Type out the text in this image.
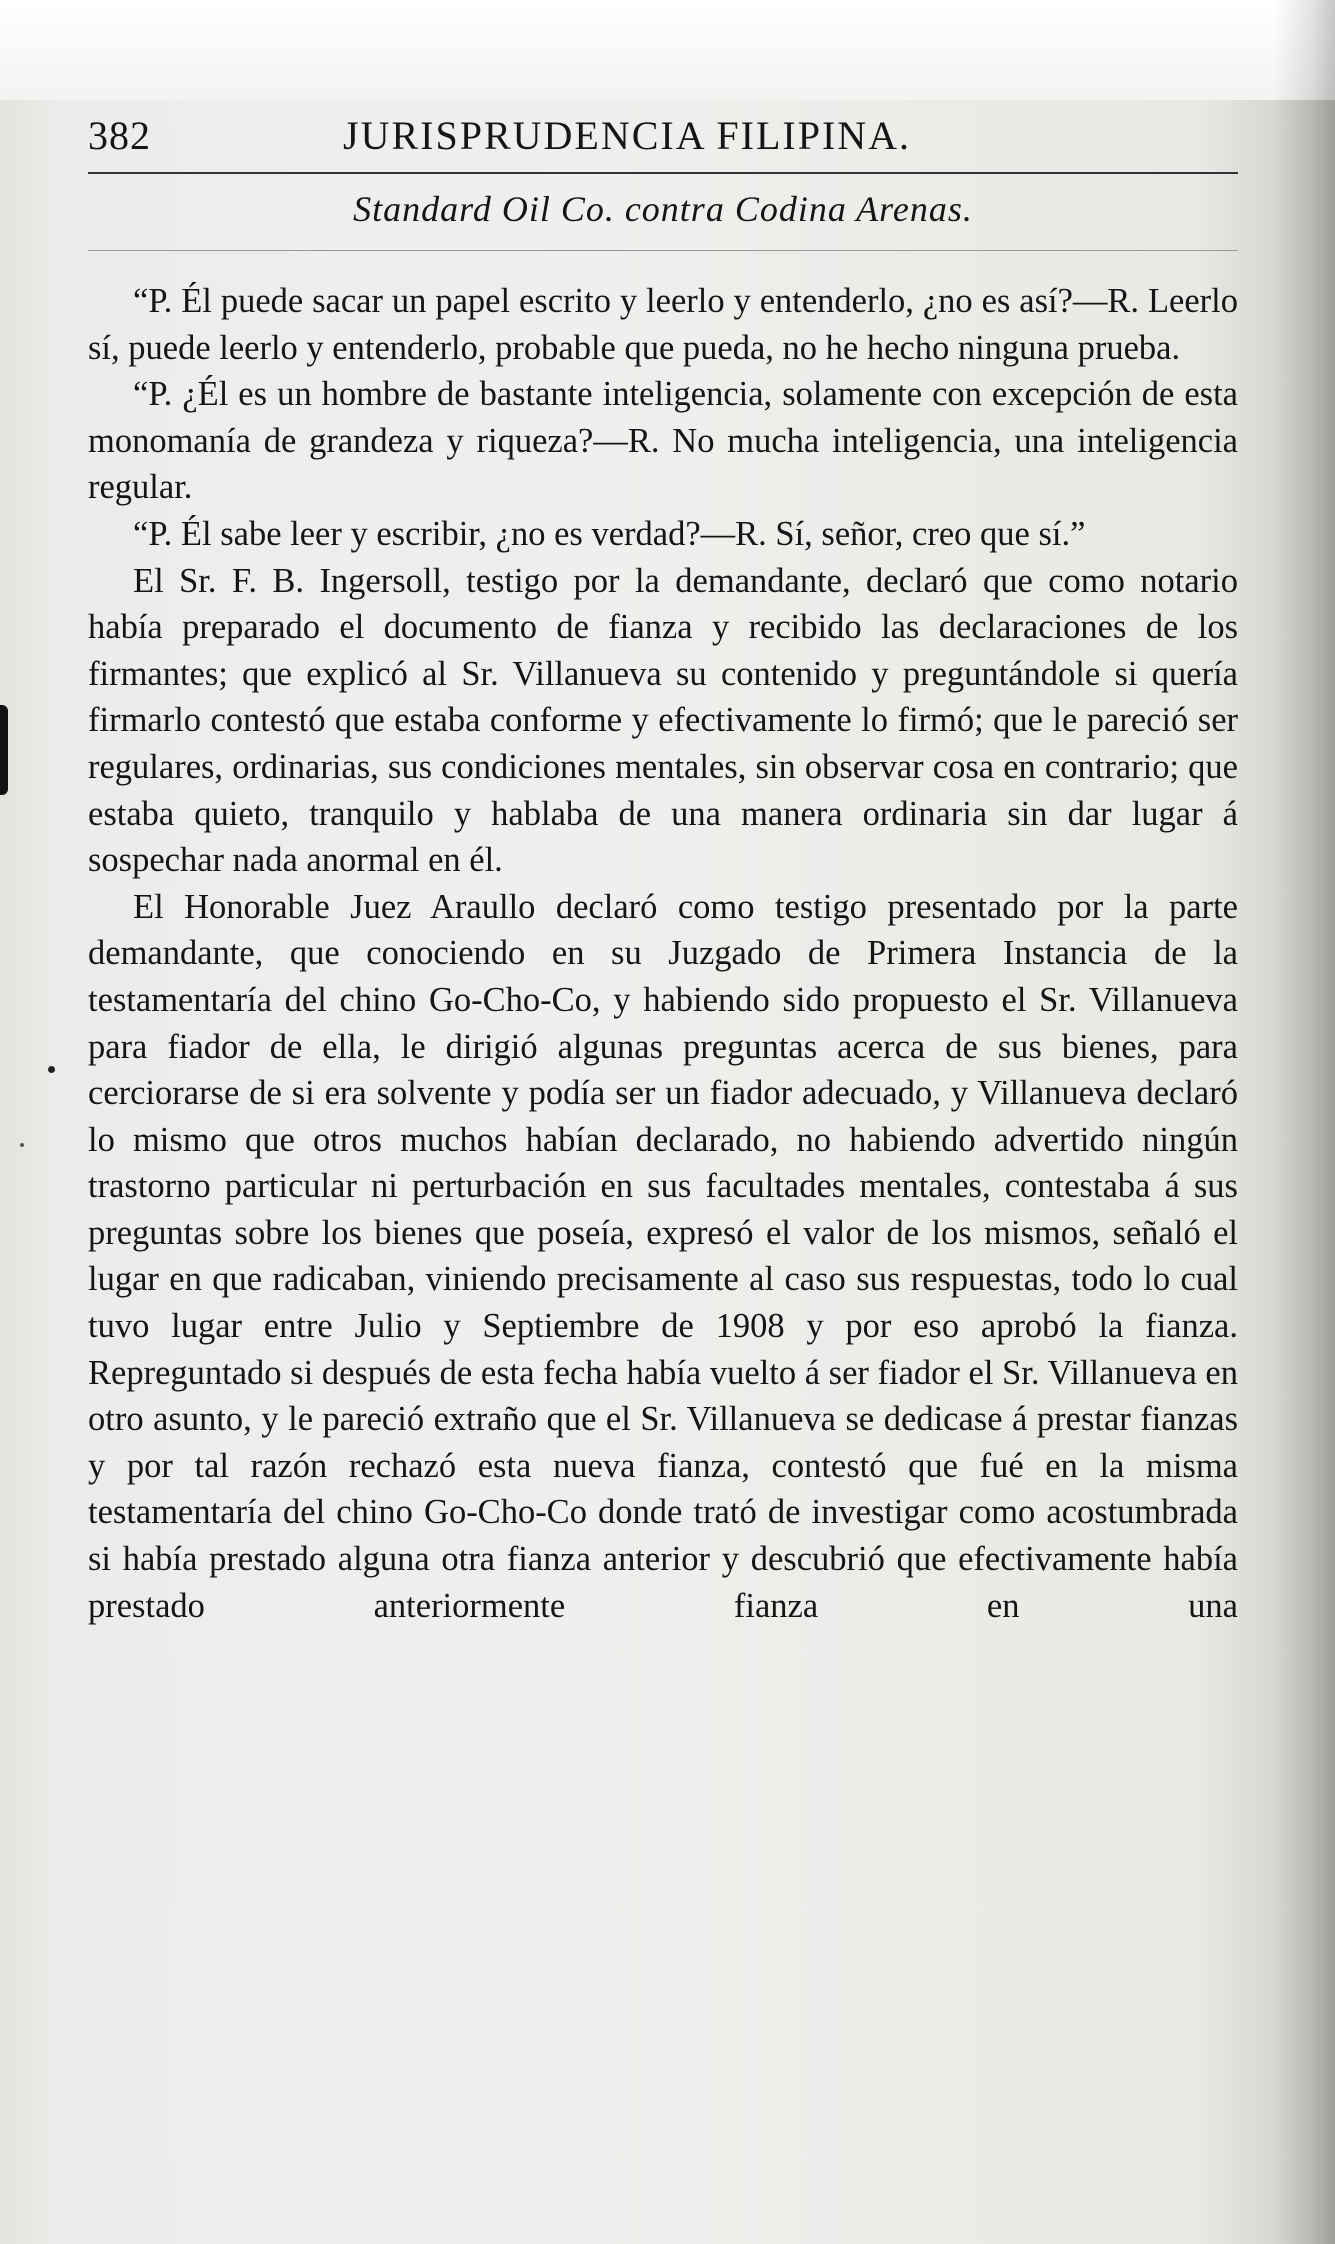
382	JURISPRUDENCIA FILIPINA.
Standard Oil Co. contra Codina Arenas.

“P. Él puede sacar un papel escrito y leerlo y entenderlo, ¿no es así?—R. Leerlo sí, puede leerlo y entenderlo, probable que pueda, no he hecho ninguna prueba.

“P. ¿Él es un hombre de bastante inteligencia, solamente con excepción de esta monomanía de grandeza y riqueza?—R. No mucha inteligencia, una inteligencia regular.

“P. Él sabe leer y escribir, ¿no es verdad?—R. Sí, señor, creo que sí.”

El Sr. F. B. Ingersoll, testigo por la demandante, declaró que como notario había preparado el documento de fianza y recibido las declaraciones de los firmantes; que explicó al Sr. Villanueva su contenido y preguntándole si quería firmarlo contestó que estaba conforme y efectivamente lo firmó; que le pareció ser regulares, ordinarias, sus condiciones mentales, sin observar cosa en contrario; que estaba quieto, tranquilo y hablaba de una manera ordinaria sin dar lugar á sospechar nada anormal en él.

El Honorable Juez Araullo declaró como testigo presentado por la parte demandante, que conociendo en su Juzgado de Primera Instancia de la testamentaría del chino Go-Cho-Co, y habiendo sido propuesto el Sr. Villanueva para fiador de ella, le dirigió algunas preguntas acerca de sus bienes, para cerciorarse de si era solvente y podía ser un fiador adecuado, y Villanueva declaró lo mismo que otros muchos habían declarado, no habiendo advertido ningún trastorno particular ni perturbación en sus facultades mentales, contestaba á sus preguntas sobre los bienes que poseía, expresó el valor de los mismos, señaló el lugar en que radicaban, viniendo precisamente al caso sus respuestas, todo lo cual tuvo lugar entre Julio y Septiembre de 1908 y por eso aprobó la fianza. Repreguntado si después de esta fecha había vuelto á ser fiador el Sr. Villanueva en otro asunto, y le pareció extraño que el Sr. Villanueva se dedicase á prestar fianzas y por tal razón rechazó esta nueva fianza, contestó que fué en la misma testamentaría del chino Go-Cho-Co donde trató de investigar como acostumbrada si había prestado alguna otra fianza anterior y descubrió que efectivamente había prestado anteriormente fianza en una
